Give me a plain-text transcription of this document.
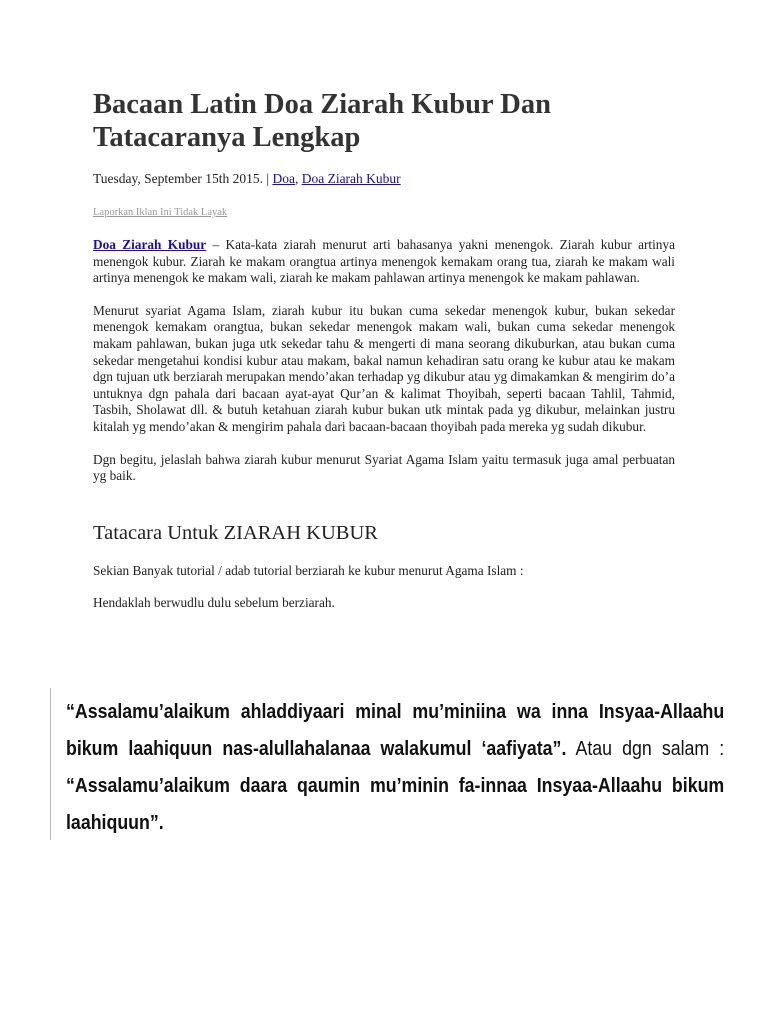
Bacaan Latin Doa Ziarah Kubur Dan Tatacaranya Lengkap
Tuesday, September 15th 2015. | Doa, Doa Ziarah Kubur
Laporkan Iklan Ini Tidak Layak

Doa Ziarah Kubur – Kata-kata ziarah menurut arti bahasanya yakni menengok. Ziarah kubur artinya menengok kubur. Ziarah ke makam orangtua artinya menengok kemakam orang tua, ziarah ke makam wali artinya menengok ke makam wali, ziarah ke makam pahlawan artinya menengok ke makam pahlawan.

Menurut syariat Agama Islam, ziarah kubur itu bukan cuma sekedar menengok kubur, bukan sekedar menengok kemakam orangtua, bukan sekedar menengok makam wali, bukan cuma sekedar menengok makam pahlawan, bukan juga utk sekedar tahu & mengerti di mana seorang dikuburkan, atau bukan cuma sekedar mengetahui kondisi kubur atau makam, bakal namun kehadiran satu orang ke kubur atau ke makam dgn tujuan utk berziarah merupakan mendo’akan terhadap yg dikubur atau yg dimakamkan & mengirim do’a untuknya dgn pahala dari bacaan ayat-ayat Qur’an & kalimat Thoyibah, seperti bacaan Tahlil, Tahmid, Tasbih, Sholawat dll. & butuh ketahuan ziarah kubur bukan utk mintak pada yg dikubur, melainkan justru kitalah yg mendo’akan & mengirim pahala dari bacaan-bacaan thoyibah pada mereka yg sudah dikubur.

Dgn begitu, jelaslah bahwa ziarah kubur menurut Syariat Agama Islam yaitu termasuk juga amal perbuatan yg baik.

Tatacara Untuk ZIARAH KUBUR

Sekian Banyak tutorial / adab tutorial berziarah ke kubur menurut Agama Islam :

Hendaklah berwudlu dulu sebelum berziarah.

“Assalamu’alaikum ahladdiyaari minal mu’miniina wa inna Insyaa-Allaahu bikum laahiquun nas-alullahalanaa walakumul ‘aafiyata”. Atau dgn salam : “Assalamu’alaikum daara qaumin mu’minin fa-innaa Insyaa-Allaahu bikum laahiquun”.
